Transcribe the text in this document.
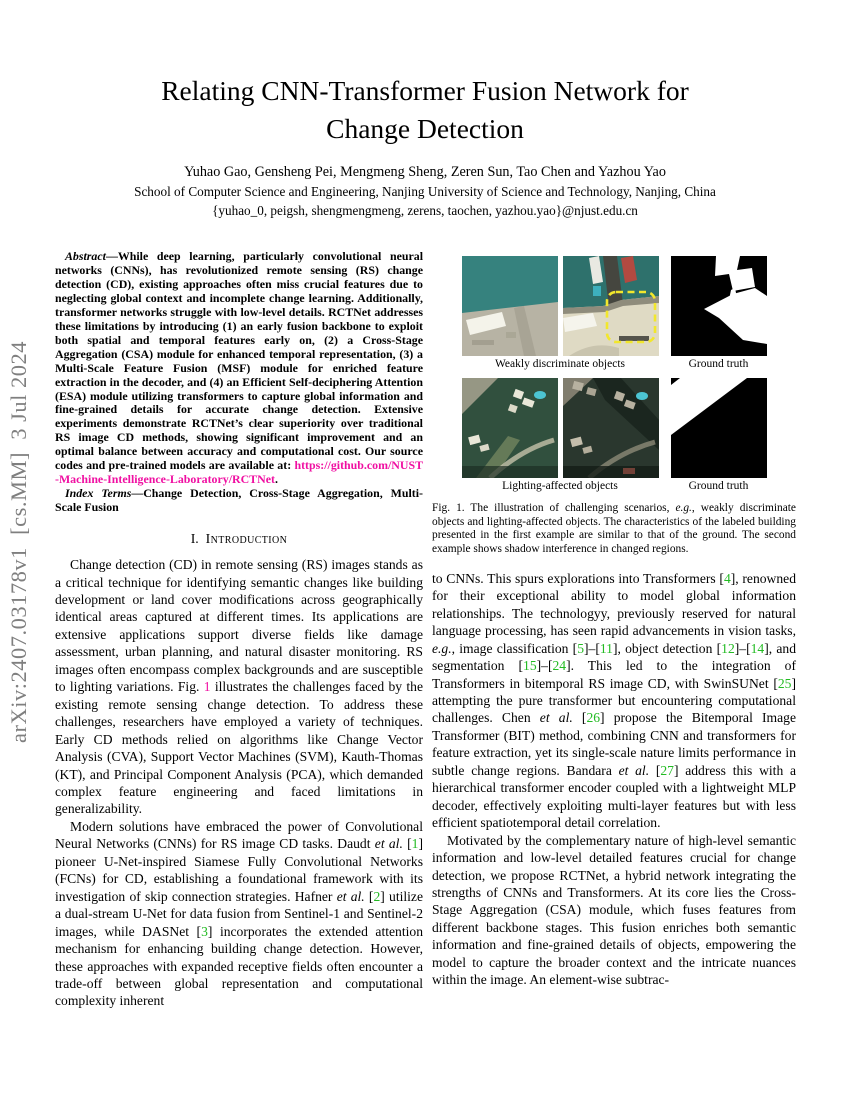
arXiv:2407.03178v1  [cs.MM]  3 Jul 2024
Relating CNN-Transformer Fusion Network for Change Detection
Yuhao Gao, Gensheng Pei, Mengmeng Sheng, Zeren Sun, Tao Chen and Yazhou Yao
School of Computer Science and Engineering, Nanjing University of Science and Technology, Nanjing, China
{yuhao_0, peigsh, shengmengmeng, zerens, taochen, yazhou.yao}@njust.edu.cn

Abstract—While deep learning, particularly convolutional neural networks (CNNs), has revolutionized remote sensing (RS) change detection (CD), existing approaches often miss crucial features due to neglecting global context and incomplete change learning. Additionally, transformer networks struggle with low-level details. RCTNet addresses these limitations by introducing (1) an early fusion backbone to exploit both spatial and temporal features early on, (2) a Cross-Stage Aggregation (CSA) module for enhanced temporal representation, (3) a Multi-Scale Feature Fusion (MSF) module for enriched feature extraction in the decoder, and (4) an Efficient Self-deciphering Attention (ESA) module utilizing transformers to capture global information and fine-grained details for accurate change detection. Extensive experiments demonstrate RCTNet’s clear superiority over traditional RS image CD methods, showing significant improvement and an optimal balance between accuracy and computational cost. Our source codes and pre-trained models are available at: https://github.com/NUST-Machine-Intelligence-Laboratory/RCTNet.

Index Terms—Change Detection, Cross-Stage Aggregation, Multi-Scale Fusion

I. Introduction

Change detection (CD) in remote sensing (RS) images stands as a critical technique for identifying semantic changes like building development or land cover modifications across geographically identical areas captured at different times. Its applications are extensive applications support diverse fields like damage assessment, urban planning, and natural disaster monitoring. RS images often encompass complex backgrounds and are susceptible to lighting variations. Fig. 1 illustrates the challenges faced by the existing remote sensing change detection. To address these challenges, researchers have employed a variety of techniques. Early CD methods relied on algorithms like Change Vector Analysis (CVA), Support Vector Machines (SVM), Kauth-Thomas (KT), and Principal Component Analysis (PCA), which demanded complex feature engineering and faced limitations in generalizability.

Modern solutions have embraced the power of Convolutional Neural Networks (CNNs) for RS image CD tasks. Daudt et al. [1] pioneer U-Net-inspired Siamese Fully Convolutional Networks (FCNs) for CD, establishing a foundational framework with its investigation of skip connection strategies. Hafner et al. [2] utilize a dual-stream U-Net for data fusion from Sentinel-1 and Sentinel-2 images, while DASNet [3] incorporates the extended attention mechanism for enhancing building change detection. However, these approaches with expanded receptive fields often encounter a trade-off between global representation and computational complexity inherent

Weakly discriminate objects	Ground truth
Lighting-affected objects	Ground truth
Fig. 1. The illustration of challenging scenarios, e.g., weakly discriminate objects and lighting-affected objects. The characteristics of the labeled building presented in the first example are similar to that of the ground. The second example shows shadow interference in changed regions.

to CNNs. This spurs explorations into Transformers [4], renowned for their exceptional ability to model global information relationships. The technologyy, previously reserved for natural language processing, has seen rapid advancements in vision tasks, e.g., image classification [5]–[11], object detection [12]–[14], and segmentation [15]–[24]. This led to the integration of Transformers in bitemporal RS image CD, with SwinSUNet [25] attempting the pure transformer but encountering computational challenges. Chen et al. [26] propose the Bitemporal Image Transformer (BIT) method, combining CNN and transformers for feature extraction, yet its single-scale nature limits performance in subtle change regions. Bandara et al. [27] address this with a hierarchical transformer encoder coupled with a lightweight MLP decoder, effectively exploiting multi-layer features but with less efficient spatiotemporal detail correlation.

Motivated by the complementary nature of high-level semantic information and low-level detailed features crucial for change detection, we propose RCTNet, a hybrid network integrating the strengths of CNNs and Transformers. At its core lies the Cross-Stage Aggregation (CSA) module, which fuses features from different backbone stages. This fusion enriches both semantic information and fine-grained details of objects, empowering the model to capture the broader context and the intricate nuances within the image. An element-wise subtrac-
